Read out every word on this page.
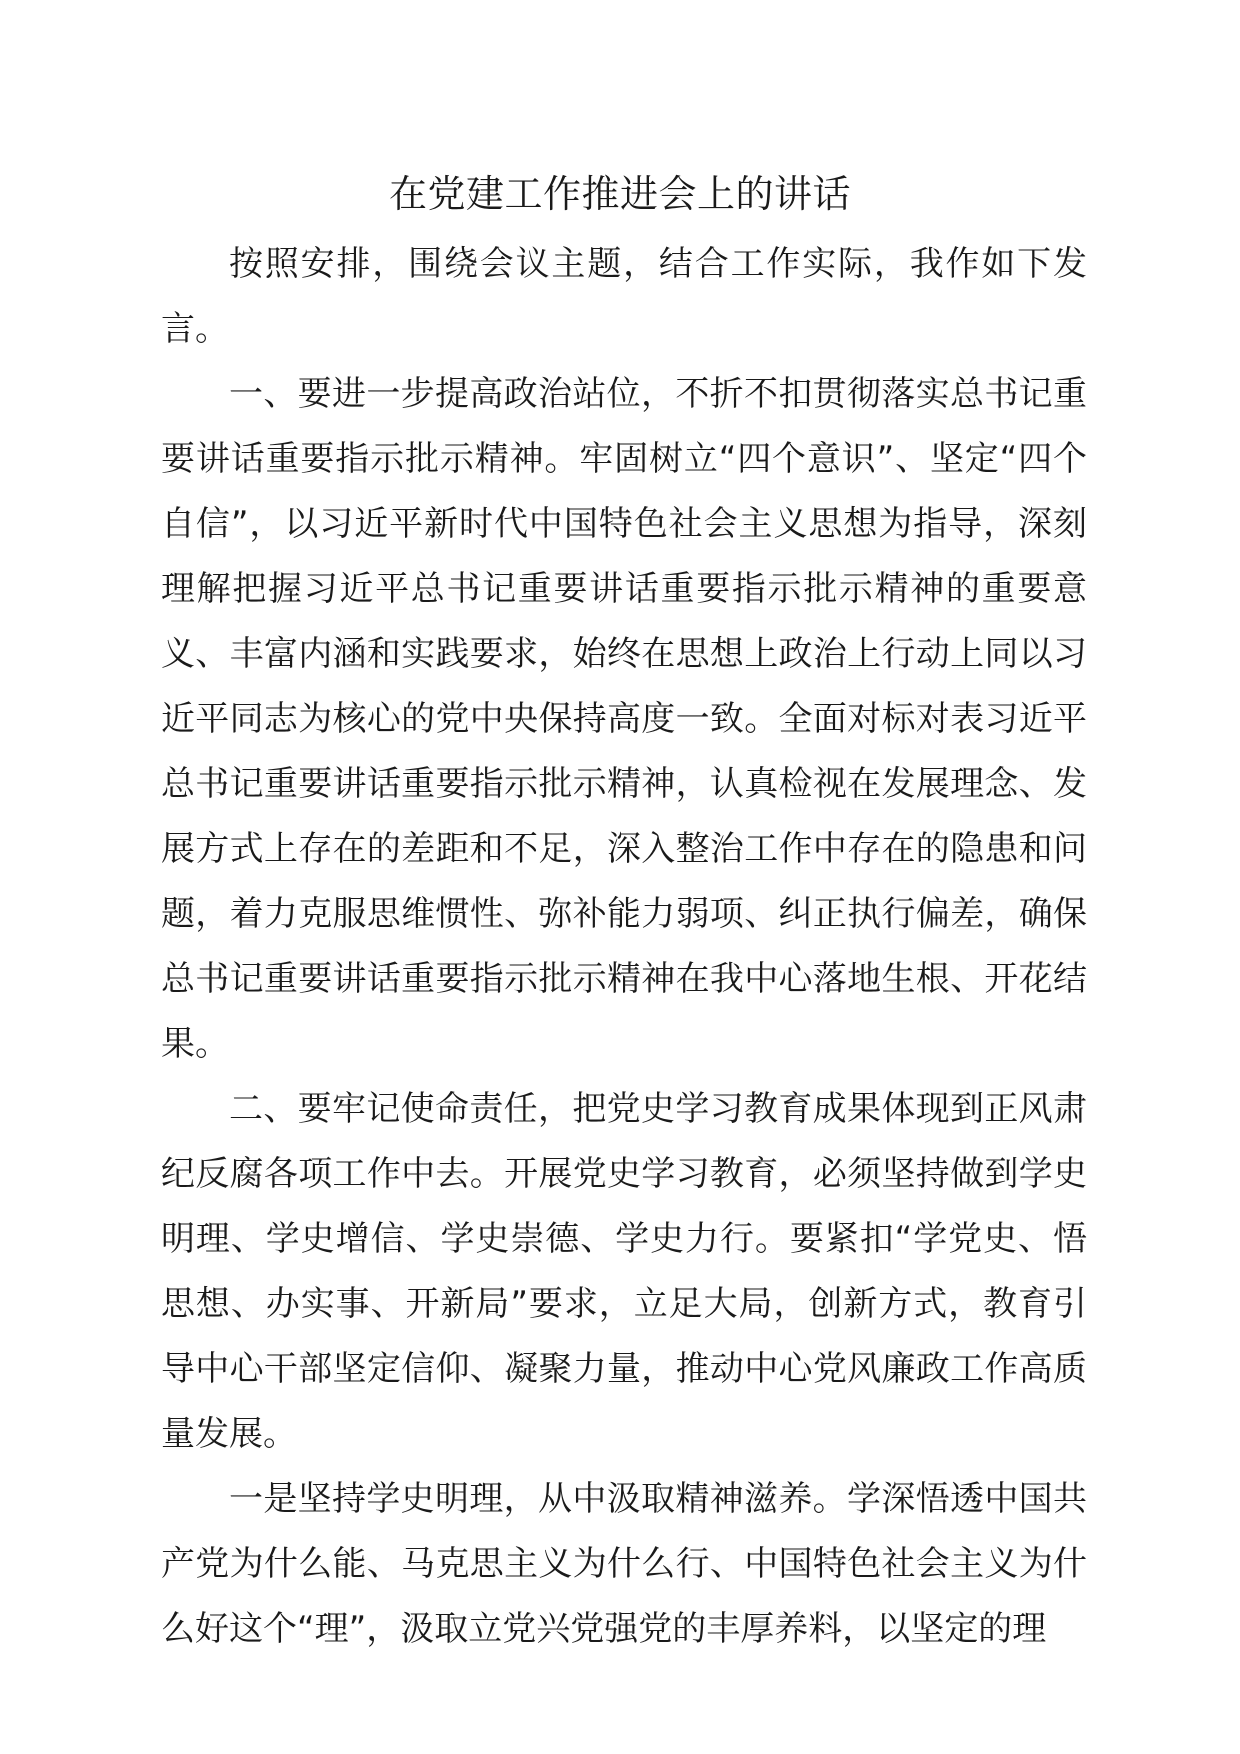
在党建工作推进会上的讲话

按照安排，围绕会议主题，结合工作实际，我作如下发言。

一、要进一步提高政治站位，不折不扣贯彻落实总书记重要讲话重要指示批示精神。牢固树立“四个意识”、坚定“四个自信”，以习近平新时代中国特色社会主义思想为指导，深刻理解把握习近平总书记重要讲话重要指示批示精神的重要意义、丰富内涵和实践要求，始终在思想上政治上行动上同以习近平同志为核心的党中央保持高度一致。全面对标对表习近平总书记重要讲话重要指示批示精神，认真检视在发展理念、发展方式上存在的差距和不足，深入整治工作中存在的隐患和问题，着力克服思维惯性、弥补能力弱项、纠正执行偏差，确保总书记重要讲话重要指示批示精神在我中心落地生根、开花结果。

二、要牢记使命责任，把党史学习教育成果体现到正风肃纪反腐各项工作中去。开展党史学习教育，必须坚持做到学史明理、学史增信、学史崇德、学史力行。要紧扣“学党史、悟思想、办实事、开新局”要求，立足大局，创新方式，教育引导中心干部坚定信仰、凝聚力量，推动中心党风廉政工作高质量发展。

一是坚持学史明理，从中汲取精神滋养。学深悟透中国共产党为什么能、马克思主义为什么行、中国特色社会主义为什么好这个“理”，汲取立党兴党强党的丰厚养料，以坚定的理
